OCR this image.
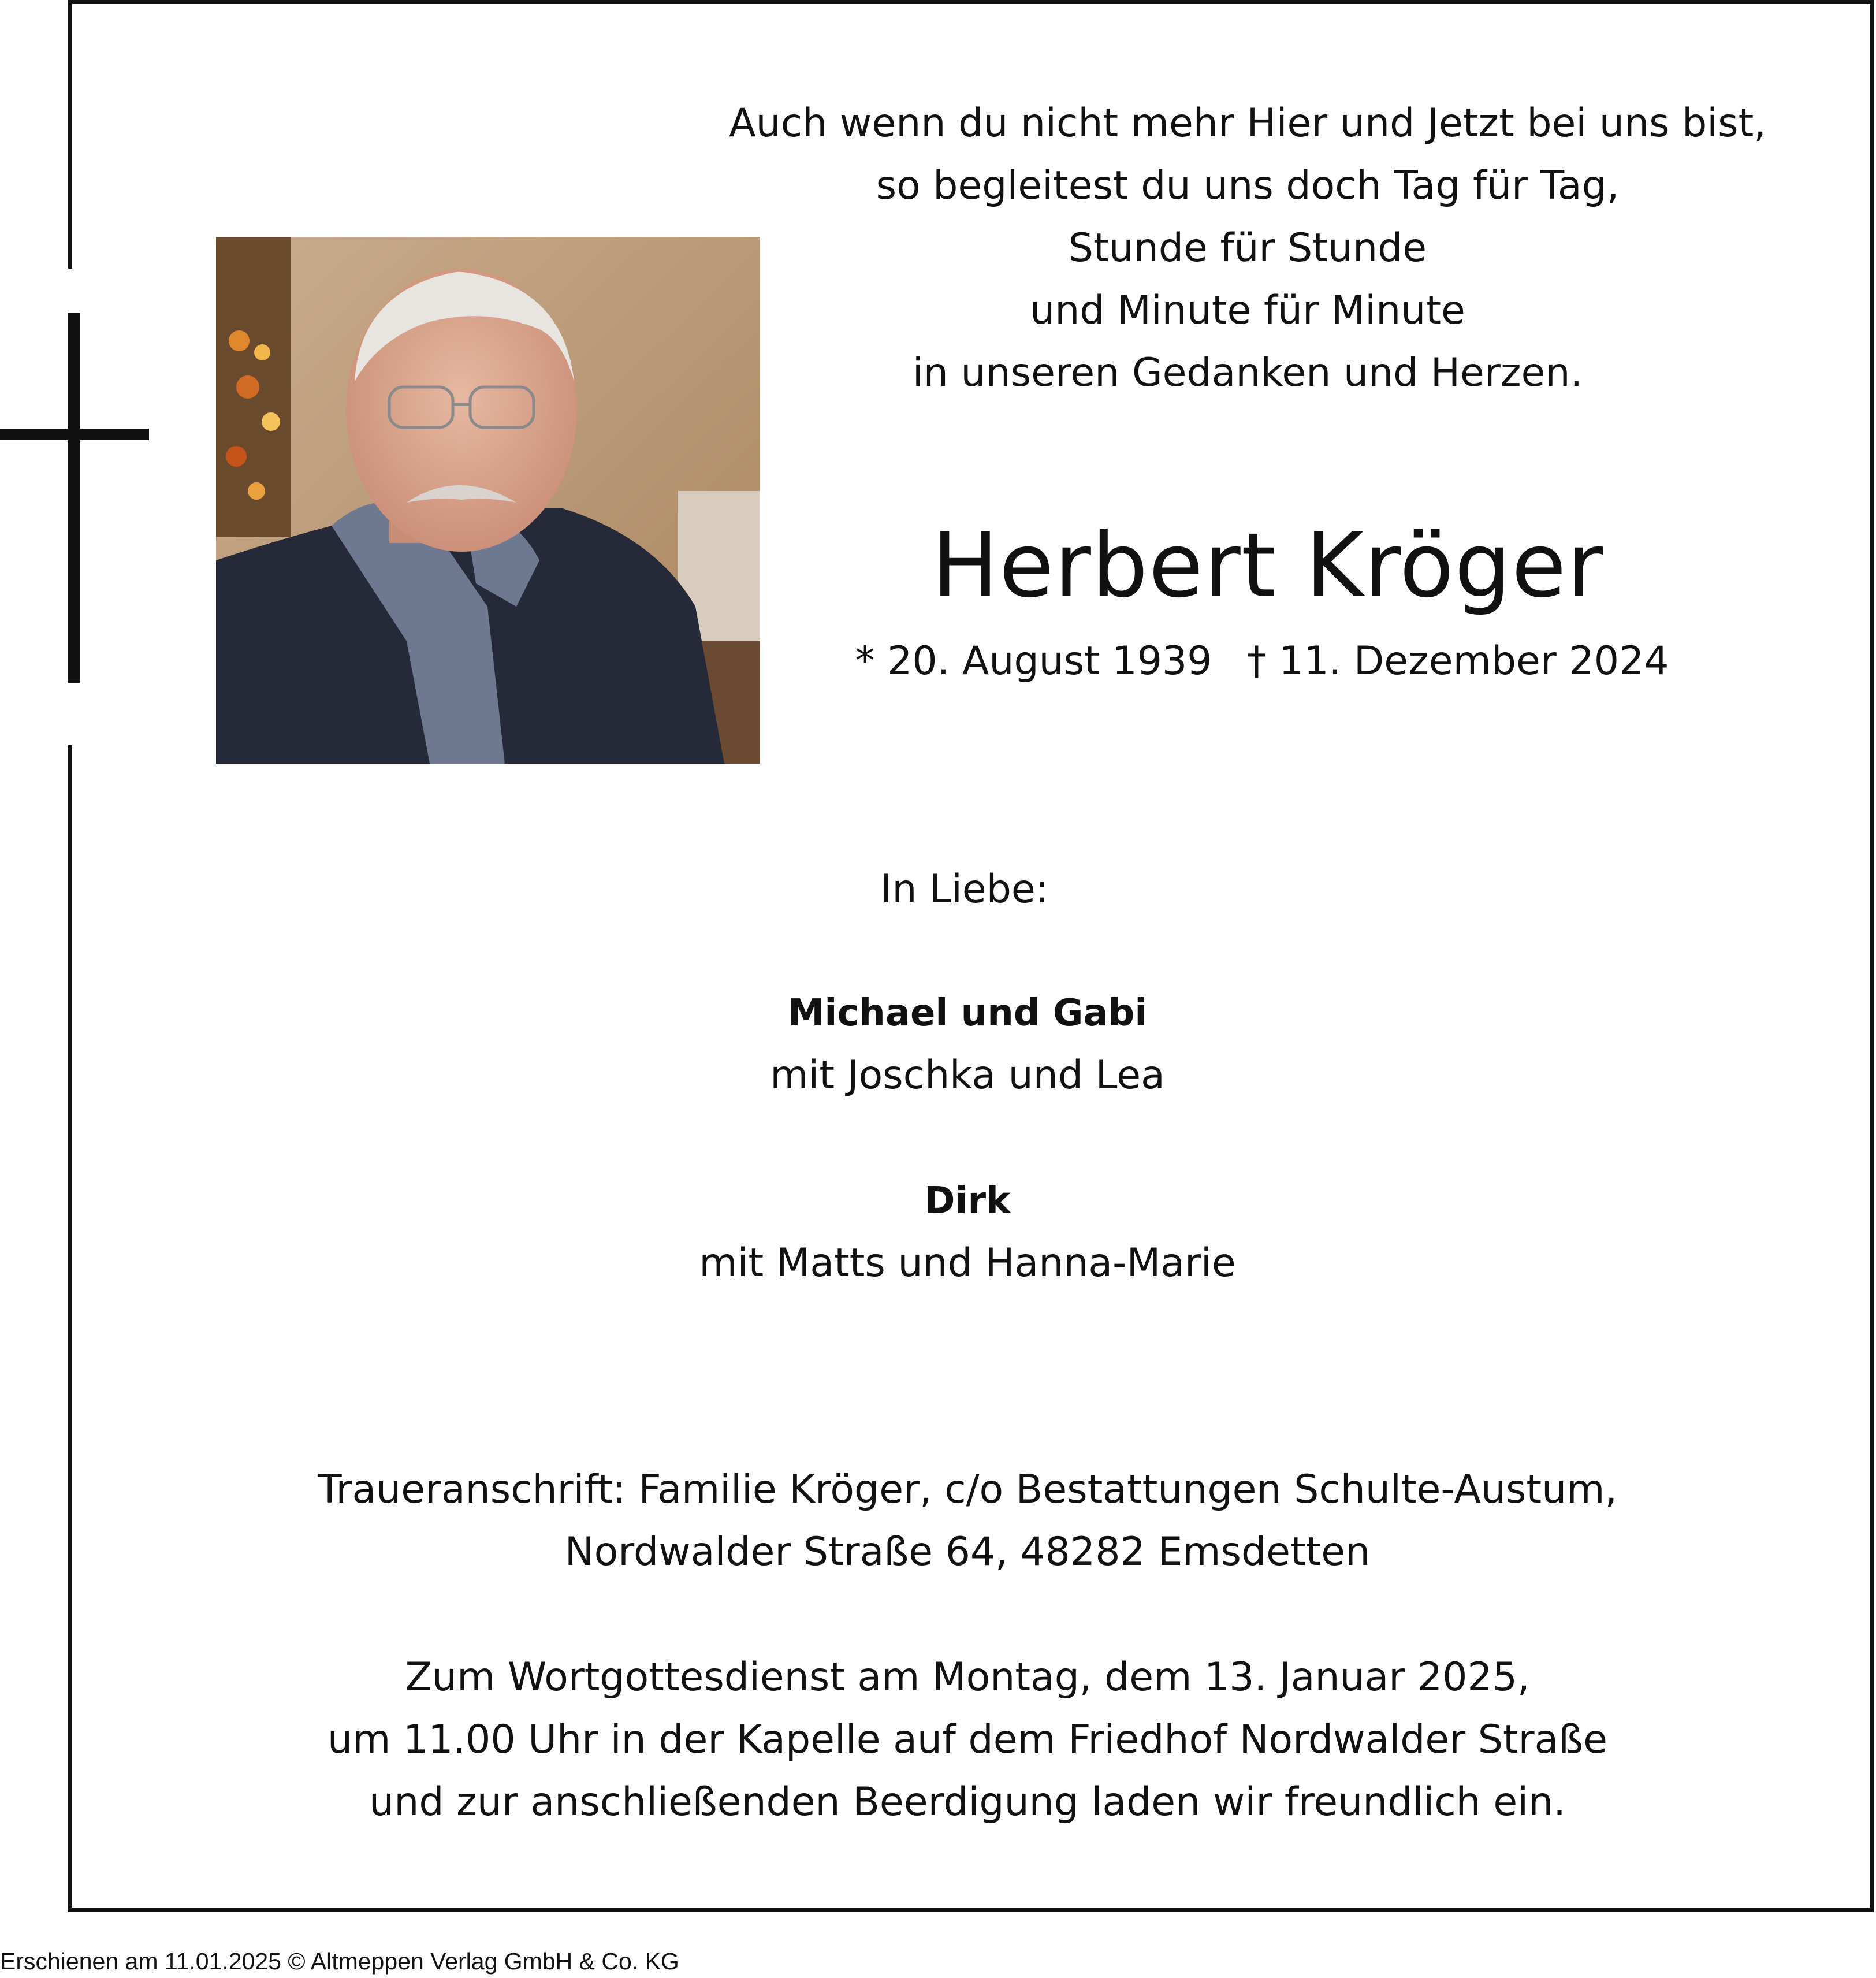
Auch wenn du nicht mehr Hier und Jetzt bei uns bist,
so begleitest du uns doch Tag für Tag,
Stunde für Stunde
und Minute für Minute
in unseren Gedanken und Herzen.
Herbert Kröger
* 20. August 1939 † 11. Dezember 2024
In Liebe:
Michael und Gabi
mit Joschka und Lea
Dirk
mit Matts und Hanna-Marie
Traueranschrift: Familie Kröger, c/o Bestattungen Schulte-Austum,
Nordwalder Straße 64, 48282 Emsdetten
Zum Wortgottesdienst am Montag, dem 13. Januar 2025,
um 11.00 Uhr in der Kapelle auf dem Friedhof Nordwalder Straße
und zur anschließenden Beerdigung laden wir freundlich ein.
Erschienen am 11.01.2025 © Altmeppen Verlag GmbH & Co. KG
